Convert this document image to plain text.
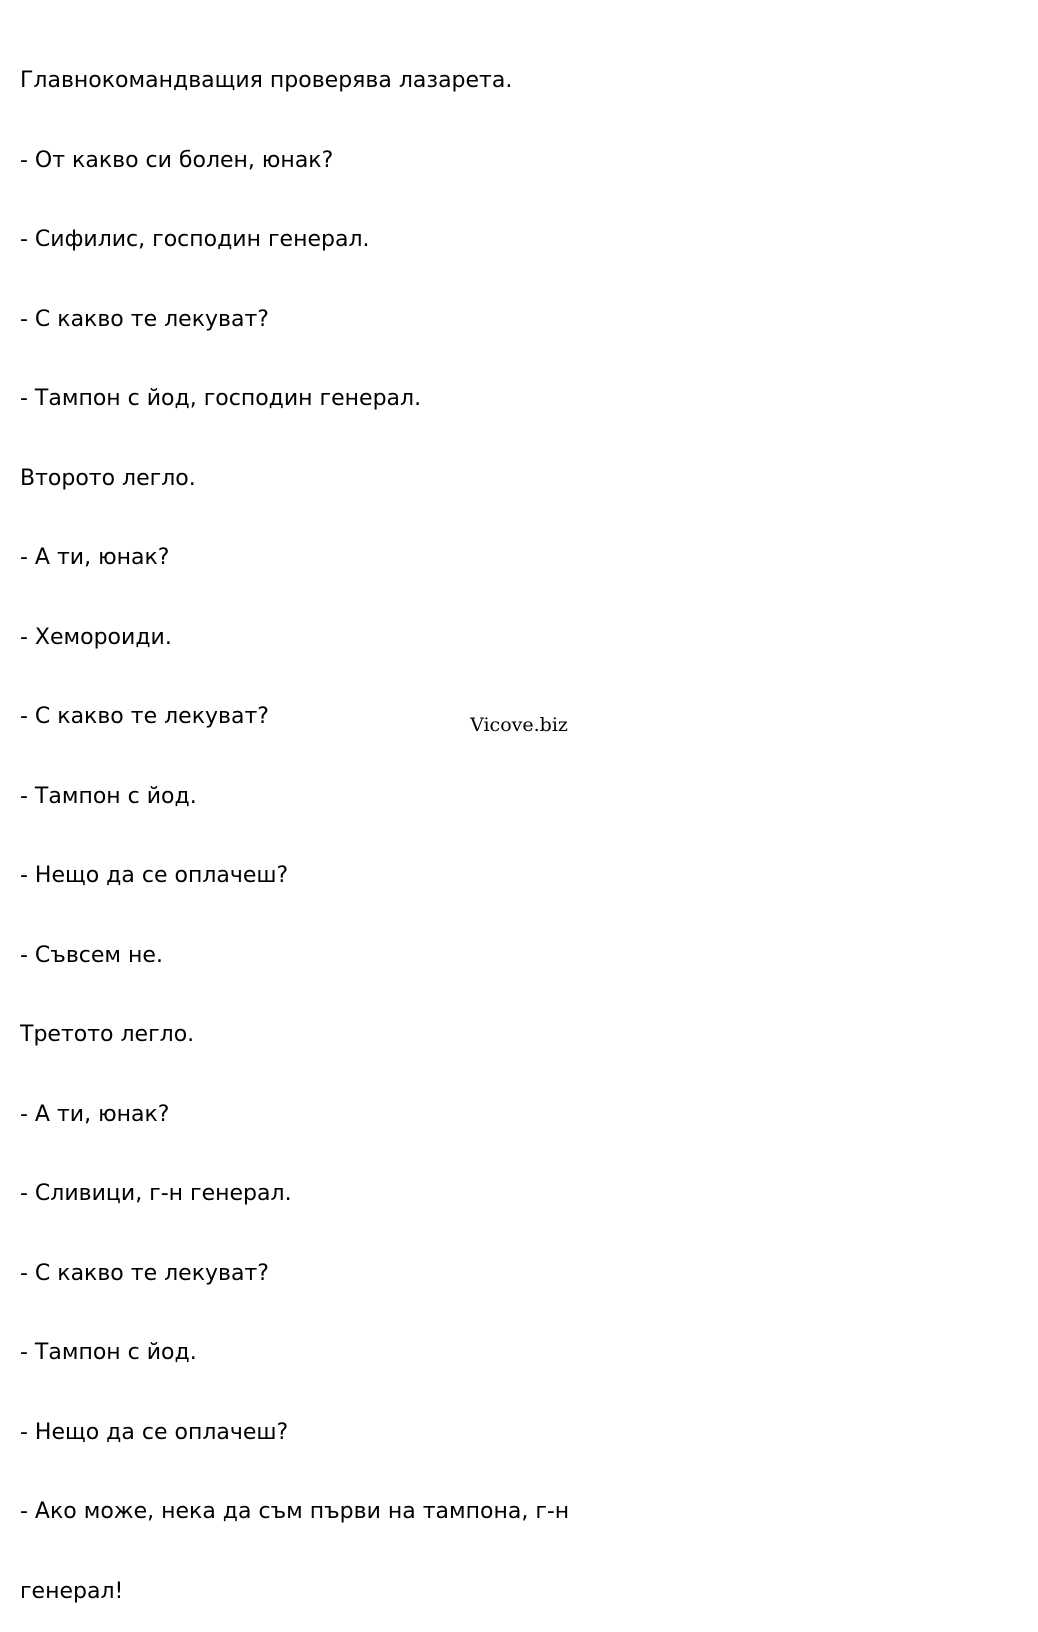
Главнокомандващия проверява лазарета.

- От какво си болен, юнак?

- Сифилис, господин генерал.

- С какво те лекуват?

- Тампон с йод, господин генерал.

Второто легло.

- А ти, юнак?

- Хемороиди.

- С какво те лекуват?

- Тампон с йод.

- Нещо да се оплачеш?

- Съвсем не.

Третото легло.

- А ти, юнак?

- Сливици, г-н генерал.

- С какво те лекуват?

- Тампон с йод.

- Нещо да се оплачеш?

- Ако може, нека да съм първи на тампона, г-н

генерал!

Vicove.biz
